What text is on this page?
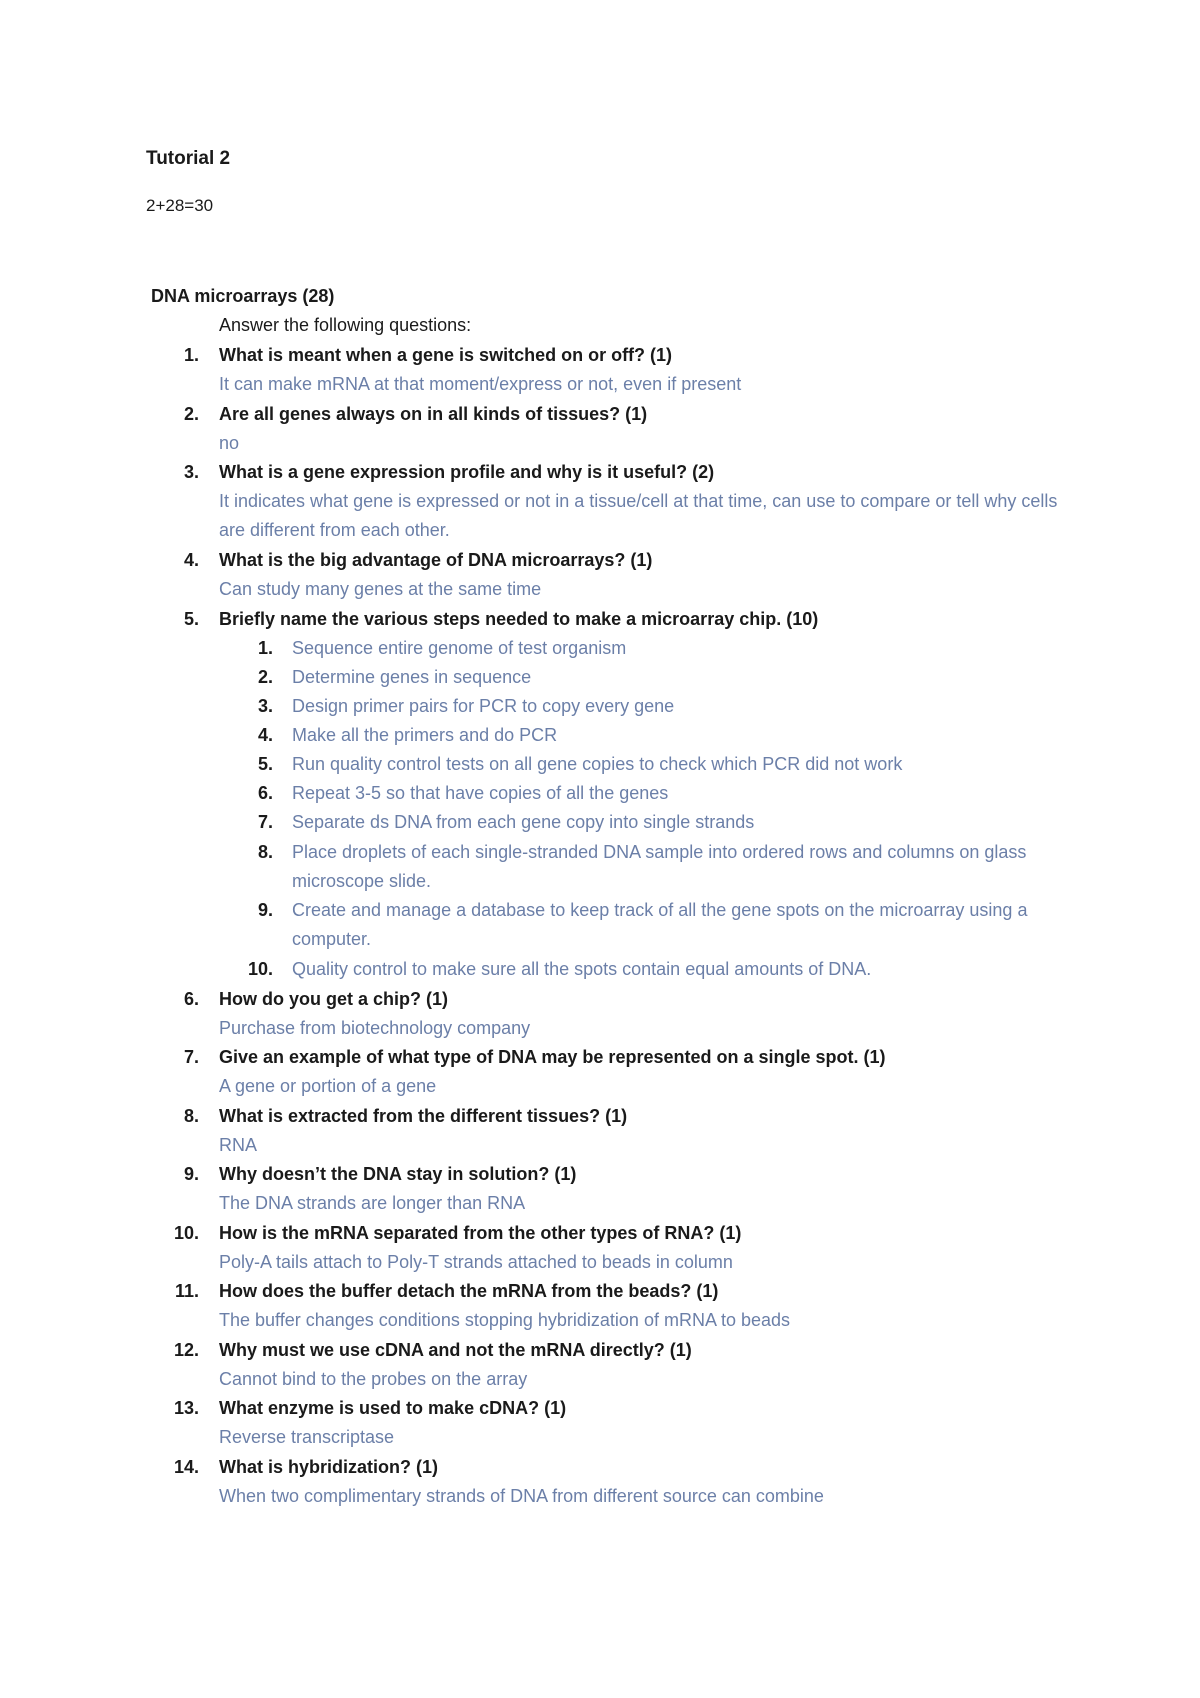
Tutorial 2
2+28=30
DNA microarrays (28)
Answer the following questions:
1. What is meant when a gene is switched on or off? (1)
It can make mRNA at that moment/express or not, even if present
2. Are all genes always on in all kinds of tissues? (1)
no
3. What is a gene expression profile and why is it useful? (2)
It indicates what gene is expressed or not in a tissue/cell at that time, can use to compare or tell why cells are different from each other.
4. What is the big advantage of DNA microarrays? (1)
Can study many genes at the same time
5. Briefly name the various steps needed to make a microarray chip. (10)
1. Sequence entire genome of test organism
2. Determine genes in sequence
3. Design primer pairs for PCR to copy every gene
4. Make all the primers and do PCR
5. Run quality control tests on all gene copies to check which PCR did not work
6. Repeat 3-5 so that have copies of all the genes
7. Separate ds DNA from each gene copy into single strands
8. Place droplets of each single-stranded DNA sample into ordered rows and columns on glass microscope slide.
9. Create and manage a database to keep track of all the gene spots on the microarray using a computer.
10. Quality control to make sure all the spots contain equal amounts of DNA.
6. How do you get a chip? (1)
Purchase from biotechnology company
7. Give an example of what type of DNA may be represented on a single spot. (1)
A gene or portion of a gene
8. What is extracted from the different tissues? (1)
RNA
9. Why doesn’t the DNA stay in solution? (1)
The DNA strands are longer than RNA
10. How is the mRNA separated from the other types of RNA? (1)
Poly-A tails attach to Poly-T strands attached to beads in column
11. How does the buffer detach the mRNA from the beads? (1)
The buffer changes conditions stopping hybridization of mRNA to beads
12. Why must we use cDNA and not the mRNA directly? (1)
Cannot bind to the probes on the array
13. What enzyme is used to make cDNA? (1)
Reverse transcriptase
14. What is hybridization? (1)
When two complimentary strands of DNA from different source can combine
